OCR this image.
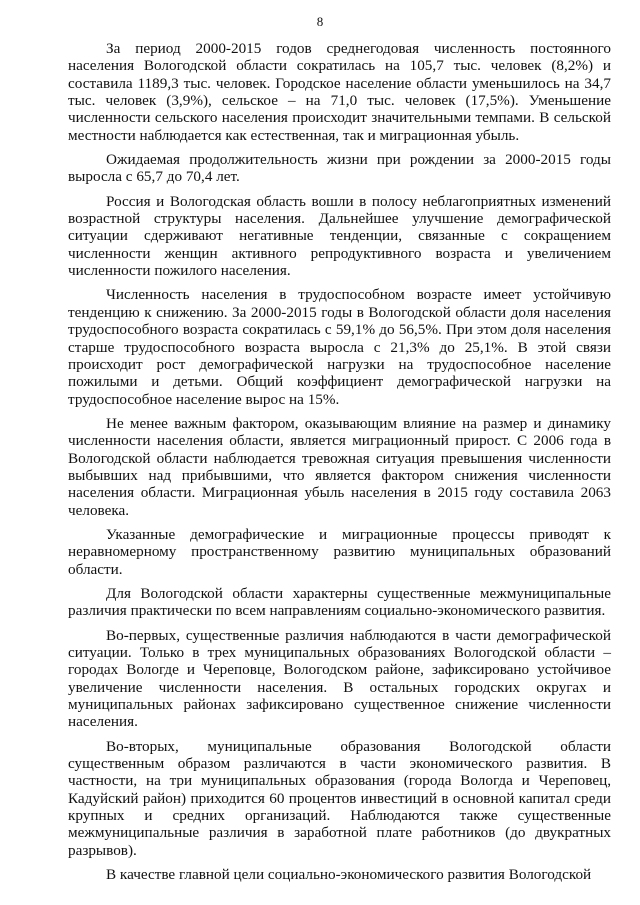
8

За период 2000-2015 годов среднегодовая численность постоянного населения Вологодской области сократилась на 105,7 тыс. человек (8,2%) и составила 1189,3 тыс. человек. Городское население области уменьшилось на 34,7 тыс. человек (3,9%), сельское – на 71,0 тыс. человек (17,5%). Уменьшение численности сельского населения происходит значительными темпами. В сельской местности наблюдается как естественная, так и миграционная убыль.

Ожидаемая продолжительность жизни при рождении за 2000-2015 годы выросла с 65,7 до 70,4 лет.

Россия и Вологодская область вошли в полосу неблагоприятных изменений возрастной структуры населения. Дальнейшее улучшение демографической ситуации сдерживают негативные тенденции, связанные с сокращением численности женщин активного репродуктивного возраста и увеличением численности пожилого населения.

Численность населения в трудоспособном возрасте имеет устойчивую тенденцию к снижению. За 2000-2015 годы в Вологодской области доля населения трудоспособного возраста сократилась с 59,1% до 56,5%. При этом доля населения старше трудоспособного возраста выросла с 21,3% до 25,1%. В этой связи происходит рост демографической нагрузки на трудоспособное население пожилыми и детьми. Общий коэффициент демографической нагрузки на трудоспособное население вырос на 15%.

Не менее важным фактором, оказывающим влияние на размер и динамику численности населения области, является миграционный прирост. С 2006 года в Вологодской области наблюдается тревожная ситуация превышения численности выбывших над прибывшими, что является фактором снижения численности населения области. Миграционная убыль населения в 2015 году составила 2063 человека.

Указанные демографические и миграционные процессы приводят к неравномерному пространственному развитию муниципальных образований области.

Для Вологодской области характерны существенные межмуниципальные различия практически по всем направлениям социально-экономического развития.

Во-первых, существенные различия наблюдаются в части демографической ситуации. Только в трех муниципальных образованиях Вологодской области – городах Вологде и Череповце, Вологодском районе, зафиксировано устойчивое увеличение численности населения. В остальных городских округах и муниципальных районах зафиксировано существенное снижение численности населения.

Во-вторых, муниципальные образования Вологодской области существенным образом различаются в части экономического развития. В частности, на три муниципальных образования (города Вологда и Череповец, Кадуйский район) приходится 60 процентов инвестиций в основной капитал среди крупных и средних организаций. Наблюдаются также существенные межмуниципальные различия в заработной плате работников (до двукратных разрывов).

В качестве главной цели социально-экономического развития Вологодской
